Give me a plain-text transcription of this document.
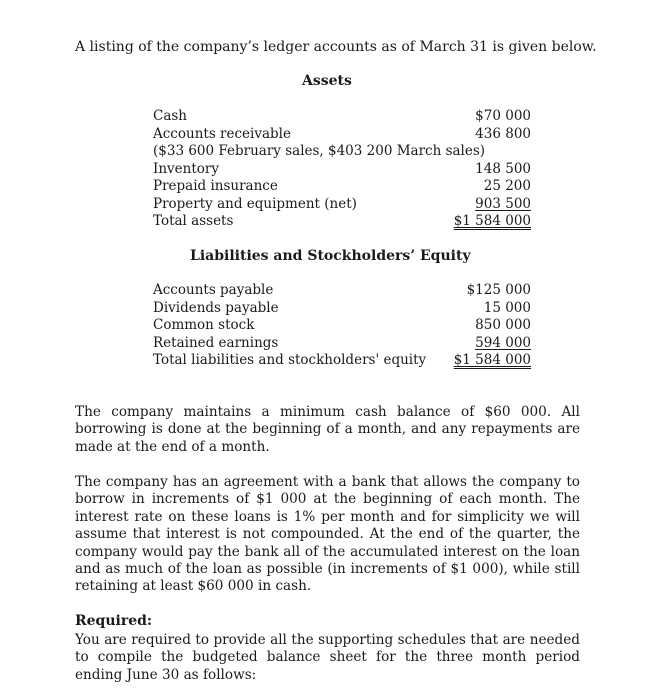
A listing of the company’s ledger accounts as of March 31 is given below.
Assets
Cash	$70 000
Accounts receivable	436 800
($33 600 February sales, $403 200 March sales)
Inventory	148 500
Prepaid insurance	25 200
Property and equipment (net)	903 500
Total assets	$1 584 000
Liabilities and Stockholders’ Equity
Accounts payable	$125 000
Dividends payable	15 000
Common stock	850 000
Retained earnings	594 000
Total liabilities and stockholders' equity $1 584 000

The company maintains a minimum cash balance of $60 000. All borrowing is done at the beginning of a month, and any repayments are made at the end of a month.

The company has an agreement with a bank that allows the company to borrow in increments of $1 000 at the beginning of each month. The interest rate on these loans is 1% per month and for simplicity we will assume that interest is not compounded. At the end of the quarter, the company would pay the bank all of the accumulated interest on the loan and as much of the loan as possible (in increments of $1 000), while still retaining at least $60 000 in cash.

Required:

You are required to provide all the supporting schedules that are needed to compile the budgeted balance sheet for the three month period ending June 30 as follows:
